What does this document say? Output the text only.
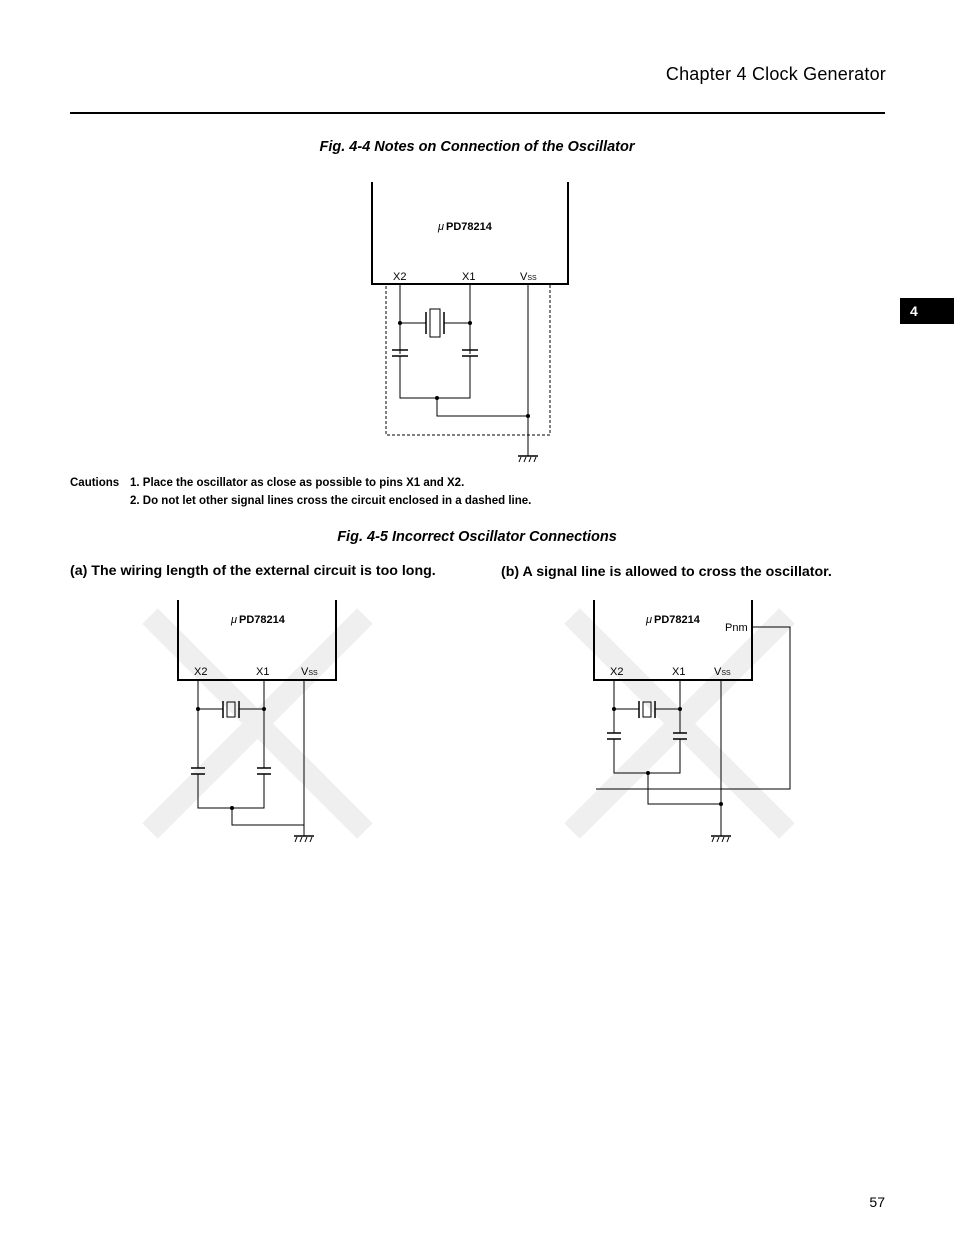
Chapter 4 Clock Generator
4
Fig. 4-4 Notes on Connection of the Oscillator
μ PD78214
X2	X1	VSS
Cautions 1. Place the oscillator as close as possible to pins X1 and X2.
2. Do not let other signal lines cross the circuit enclosed in a dashed line.
Fig. 4-5 Incorrect Oscillator Connections
(a) The wiring length of the external circuit is too long.	(b) A signal line is allowed to cross the oscillator.
μ PD78214
X2	X1	VSS
μ PD78214
Pnm
X2	X1	VSS
57
